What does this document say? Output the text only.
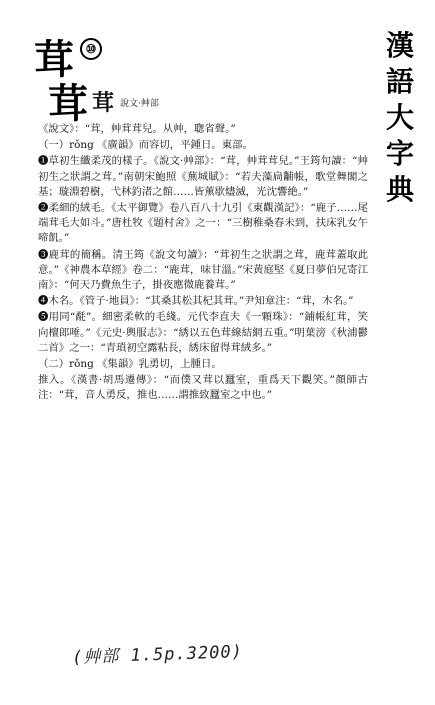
漢
語
大
字
典
茸 ⑩
茸 茸 說文·艸部

《說文》：“茸，艸茸茸兒。从艸，聦省聲。”

（一）rǒng 《廣韻》而容切，平鍾日。東部。

❶草初生纖柔茂的樣子。《說文·艸部》：“茸，艸茸茸兒。”王筠句讀：“艸初生之狀謂之茸。”南朝宋鮑照《蕪城賦》：“若夫藻扃黼帳，歌堂舞閣之基；璇淵碧樹，弋林釣渚之館……皆薰歇燼滅，光沈響絶。”

❷柔細的絨毛。《太平御覽》卷八百八十九引《東觀漢記》：“鹿子……尾端茸毛大如斗。”唐杜牧《題村舍》之一：“三樹稚桑春未到，扶床乳女午啼飢。”

❸鹿茸的簡稱。清王筠《說文句讀》：“茸初生之狀謂之茸，鹿茸蓋取此意。”《神農本草經》卷二：“鹿茸，味甘溫。”宋黄庭堅《夏日夢伯兄寄江南》：“何天乃費魚生子，掛夜應微鹿養茸。”

❹木名。《管子·地員》：“其桑其松其杞其茸。”尹知章注：“茸，木名。”

❺用同“氄”。細密柔軟的毛綫。元代李直夫《一顆珠》：“鋪帳紅茸，笑向檀郎唾。”《元史·輿服志》：“綉以五色茸線結網五重。”明葉滂《秋浦鬱二首》之一：“青瑣初空露粘長，綉床留得茸絨多。”

（二）rǒng 《集韻》乳勇切，上腫日。

推入。《漢書·胡馬遷傳》：“而僕又茸以蠶室，重爲天下觀笑。”顏師古注：“茸，音人勇反，推也……謂推致蠶室之中也。”

(艸部 1.5p.3200)
